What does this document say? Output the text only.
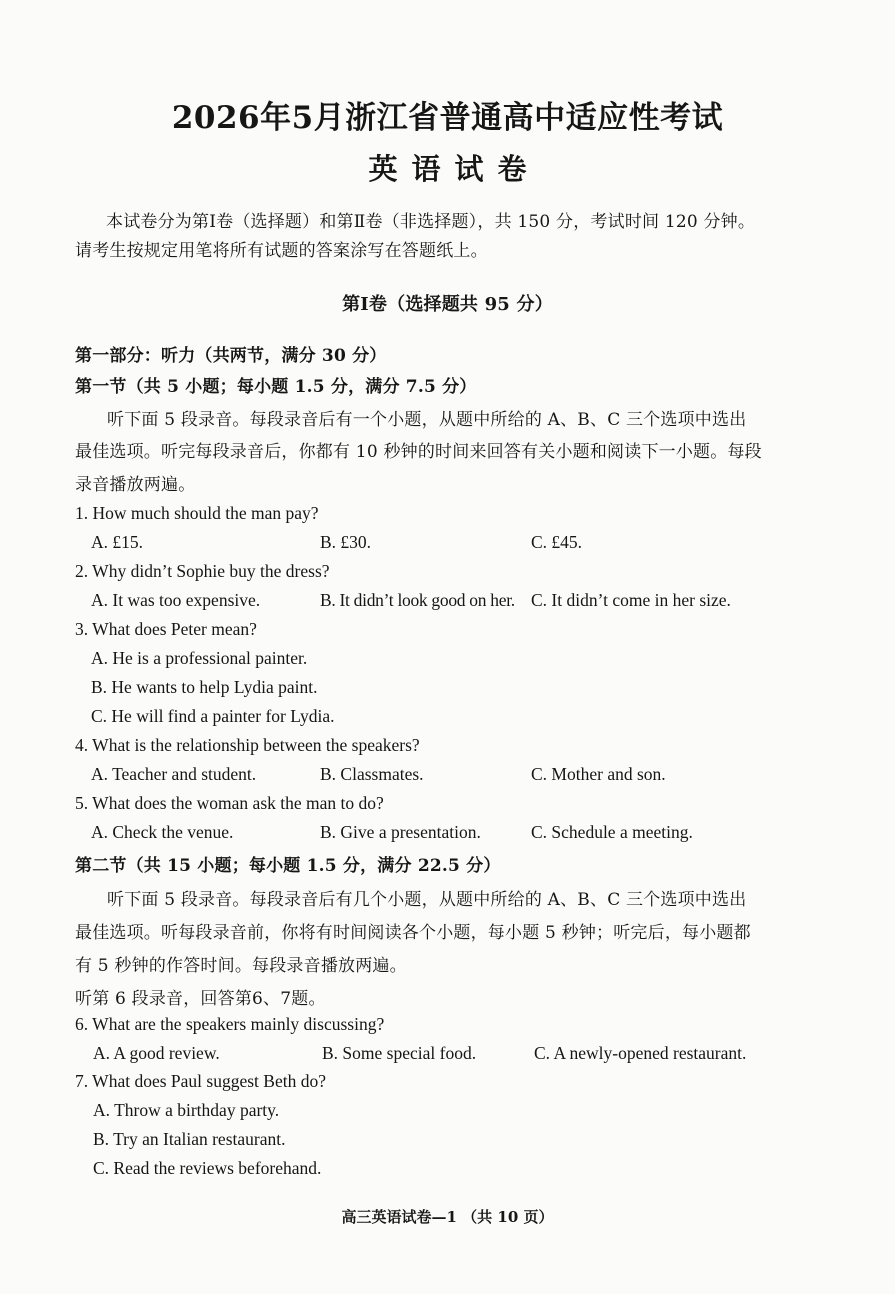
2026年5月浙江省普通高中适应性考试
英语试卷
本试卷分为第Ⅰ卷（选择题）和第Ⅱ卷（非选择题），共 150 分，考试时间 120 分钟。
请考生按规定用笔将所有试题的答案涂写在答题纸上。
第Ⅰ卷（选择题共 95 分）
第一部分：听力（共两节，满分 30 分）
第一节（共 5 小题；每小题 1.5 分，满分 7.5 分）
听下面 5 段录音。每段录音后有一个小题，从题中所给的 A、B、C 三个选项中选出
最佳选项。听完每段录音后，你都有 10 秒钟的时间来回答有关小题和阅读下一小题。每段
录音播放两遍。
1. How much should the man pay?
A. £15.	B. £30.	C. £45.
2. Why didn’t Sophie buy the dress?
A. It was too expensive.	B. It didn’t look good on her. C. It didn’t come in her size.
3. What does Peter mean?
A. He is a professional painter.
B. He wants to help Lydia paint.
C. He will find a painter for Lydia.
4. What is the relationship between the speakers?
A. Teacher and student.	B. Classmates.	C. Mother and son.
5. What does the woman ask the man to do?
A. Check the venue.	B. Give a presentation.	C. Schedule a meeting.
第二节（共 15 小题；每小题 1.5 分，满分 22.5 分）
听下面 5 段录音。每段录音后有几个小题，从题中所给的 A、B、C 三个选项中选出
最佳选项。听每段录音前，你将有时间阅读各个小题，每小题 5 秒钟；听完后，每小题都
有 5 秒钟的作答时间。每段录音播放两遍。
听第 6 段录音，回答第6、7题。
6. What are the speakers mainly discussing?
A. A good review.	B. Some special food.	C. A newly-opened restaurant.
7. What does Paul suggest Beth do?
A. Throw a birthday party.
B. Try an Italian restaurant.
C. Read the reviews beforehand.
高三英语试卷—1 （共 10 页）
